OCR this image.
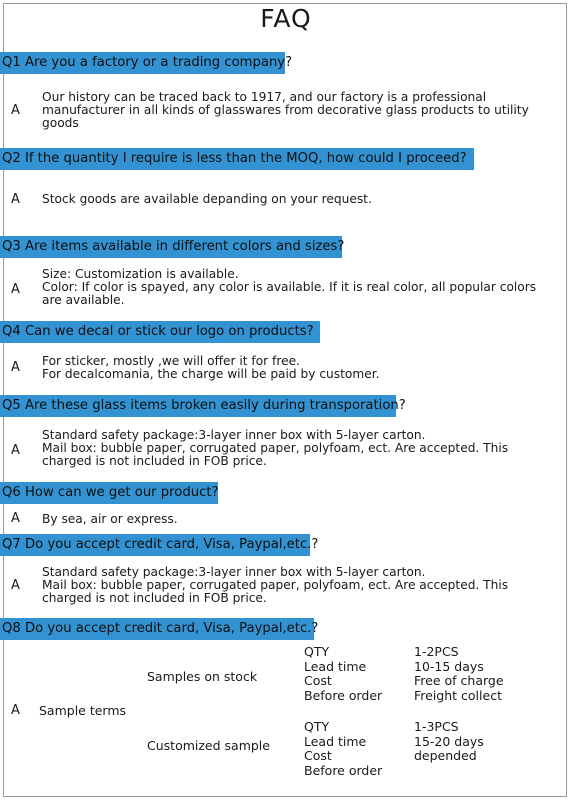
FAQ
Q1 Are you a factory or a trading company?
A
Our history can be traced back to 1917, and our factory is a professional
manufacturer in all kinds of glasswares from decorative glass products to utility
goods
Q2 If the quantity I require is less than the MOQ, how could I proceed?
A Stock goods are available depanding on your request.
Q3 Are items available in different colors and sizes?
A
Size: Customization is available.
Color: If color is spayed, any color is available. If it is real color, all popular colors
are available.
Q4 Can we decal or stick our logo on products?
A For sticker, mostly ,we will offer it for free.
For decalcomania, the charge will be paid by customer.
Q5 Are these glass items broken easily during transporation?
A
Standard safety package:3-layer inner box with 5-layer carton.
Mail box: bubble paper, corrugated paper, polyfoam, ect. Are accepted. This
charged is not included in FOB price.
Q6 How can we get our product?
A By sea, air or express.
Q7 Do you accept credit card, Visa, Paypal,etc.?
A
Standard safety package:3-layer inner box with 5-layer carton.
Mail box: bubble paper, corrugated paper, polyfoam, ect. Are accepted. This
charged is not included in FOB price.
Q8 Do you accept credit card, Visa, Paypal,etc.?
A Sample terms
Samples on stock
QTY
Lead time
Cost
Before order
1-2PCS
10-15 days
Free of charge
Freight collect
Customized sample
QTY
Lead time
Cost
Before order
1-3PCS
15-20 days
depended
